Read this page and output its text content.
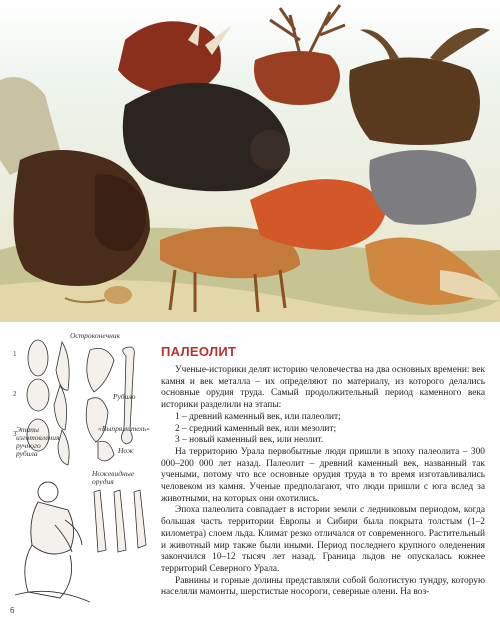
Остроконечник
Рубило
«Выпрямитель»
Этапы изготовления ручного рубила	Нож
Ножевидные орудия
1
2
3
ПАЛЕОЛИТ

Ученые-историки делят историю человечества на два основных времени: век камня и век металла – их определяют по материалу, из которого делались основные орудия труда. Самый продолжительный период каменного века историки разделили на этапы:

1 – древний каменный век, или палеолит;

2 – средний каменный век, или мезолит;

3 – новый каменный век, или неолит.

На территорию Урала первобытные люди пришли в эпоху палеолита – 300 000–200 000 лет назад. Палеолит – древний каменный век, названный так учеными, потому что все основные орудия труда в то время изготавливались человеком из камня. Ученые предполагают, что люди пришли с юга вслед за животными, на которых они охотились.

Эпоха палеолита совпадает в истории земли с ледниковым периодом, когда большая часть территории Европы и Сибири была покрыта толстым (1–2 километра) слоем льда. Климат резко отличался от современного. Растительный и животный мир также были иными. Период последнего крупного оледенения закончился 10–12 тысяч лет назад. Граница льдов не опускалась южнее территорий Северного Урала.

Равнины и горные долины представляли собой болотистую тундру, которую населяли мамонты, шерстистые носороги, северные олени. На воз-

6
